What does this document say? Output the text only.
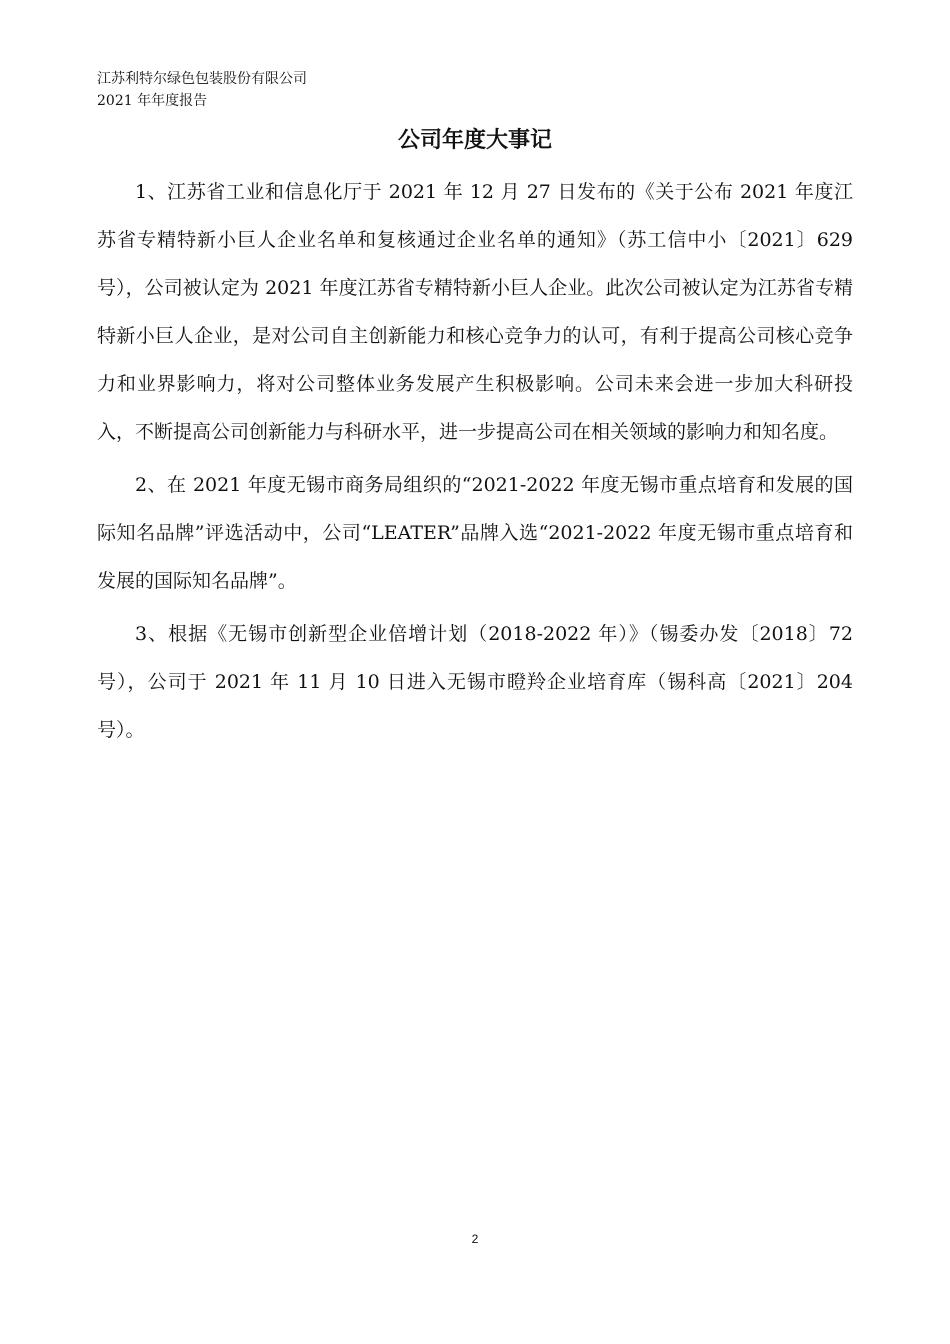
江苏利特尔绿色包装股份有限公司
2021 年年度报告
公司年度大事记

1、江苏省工业和信息化厅于 2021 年 12 月 27 日发布的《关于公布 2021 年度江苏省专精特新小巨人企业名单和复核通过企业名单的通知》（苏工信中小〔2021〕629 号），公司被认定为 2021 年度江苏省专精特新小巨人企业。此次公司被认定为江苏省专精特新小巨人企业，是对公司自主创新能力和核心竞争力的认可，有利于提高公司核心竞争力和业界影响力，将对公司整体业务发展产生积极影响。公司未来会进一步加大科研投入，不断提高公司创新能力与科研水平，进一步提高公司在相关领域的影响力和知名度。

2、在 2021 年度无锡市商务局组织的“2021-2022 年度无锡市重点培育和发展的国际知名品牌”评选活动中，公司“LEATER”品牌入选“2021-2022 年度无锡市重点培育和发展的国际知名品牌”。

3、根据《无锡市创新型企业倍增计划（2018-2022 年）》（锡委办发〔2018〕72 号），公司于 2021 年 11 月 10 日进入无锡市瞪羚企业培育库（锡科高〔2021〕204 号）。

2
